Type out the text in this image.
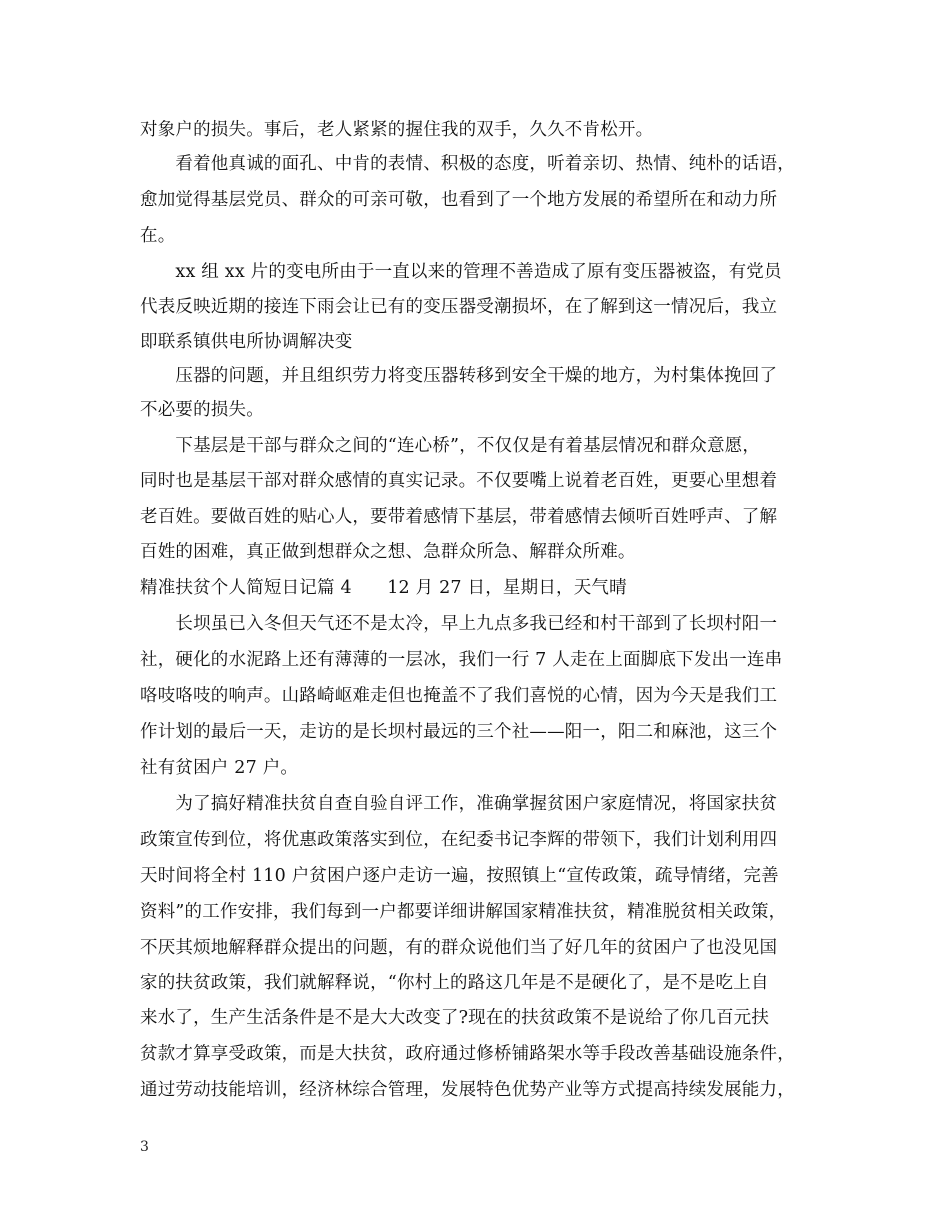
对象户的损失。事后，老人紧紧的握住我的双手，久久不肯松开。
　　看着他真诚的面孔、中肯的表情、积极的态度，听着亲切、热情、纯朴的话语，
愈加觉得基层党员、群众的可亲可敬，也看到了一个地方发展的希望所在和动力所
在。
　　xx 组 xx 片的变电所由于一直以来的管理不善造成了原有变压器被盗，有党员
代表反映近期的接连下雨会让已有的变压器受潮损坏，在了解到这一情况后，我立
即联系镇供电所协调解决变
　　压器的问题，并且组织劳力将变压器转移到安全干燥的地方，为村集体挽回了
不必要的损失。
　　下基层是干部与群众之间的“连心桥”，不仅仅是有着基层情况和群众意愿，
同时也是基层干部对群众感情的真实记录。不仅要嘴上说着老百姓，更要心里想着
老百姓。要做百姓的贴心人，要带着感情下基层，带着感情去倾听百姓呼声、了解
百姓的困难，真正做到想群众之想、急群众所急、解群众所难。
精准扶贫个人简短日记篇 4　　12 月 27 日，星期日，天气晴
　　长坝虽已入冬但天气还不是太冷，早上九点多我已经和村干部到了长坝村阳一
社，硬化的水泥路上还有薄薄的一层冰，我们一行 7 人走在上面脚底下发出一连串
咯吱咯吱的响声。山路崎岖难走但也掩盖不了我们喜悦的心情，因为今天是我们工
作计划的最后一天，走访的是长坝村最远的三个社——阳一，阳二和麻池，这三个
社有贫困户 27 户。
　　为了搞好精准扶贫自查自验自评工作，准确掌握贫困户家庭情况，将国家扶贫
政策宣传到位，将优惠政策落实到位，在纪委书记李辉的带领下，我们计划利用四
天时间将全村 110 户贫困户逐户走访一遍，按照镇上“宣传政策，疏导情绪，完善
资料”的工作安排，我们每到一户都要详细讲解国家精准扶贫，精准脱贫相关政策，
不厌其烦地解释群众提出的问题，有的群众说他们当了好几年的贫困户了也没见国
家的扶贫政策，我们就解释说，“你村上的路这几年是不是硬化了，是不是吃上自
来水了，生产生活条件是不是大大改变了?现在的扶贫政策不是说给了你几百元扶
贫款才算享受政策，而是大扶贫，政府通过修桥铺路架水等手段改善基础设施条件，
通过劳动技能培训，经济林综合管理，发展特色优势产业等方式提高持续发展能力，
3
